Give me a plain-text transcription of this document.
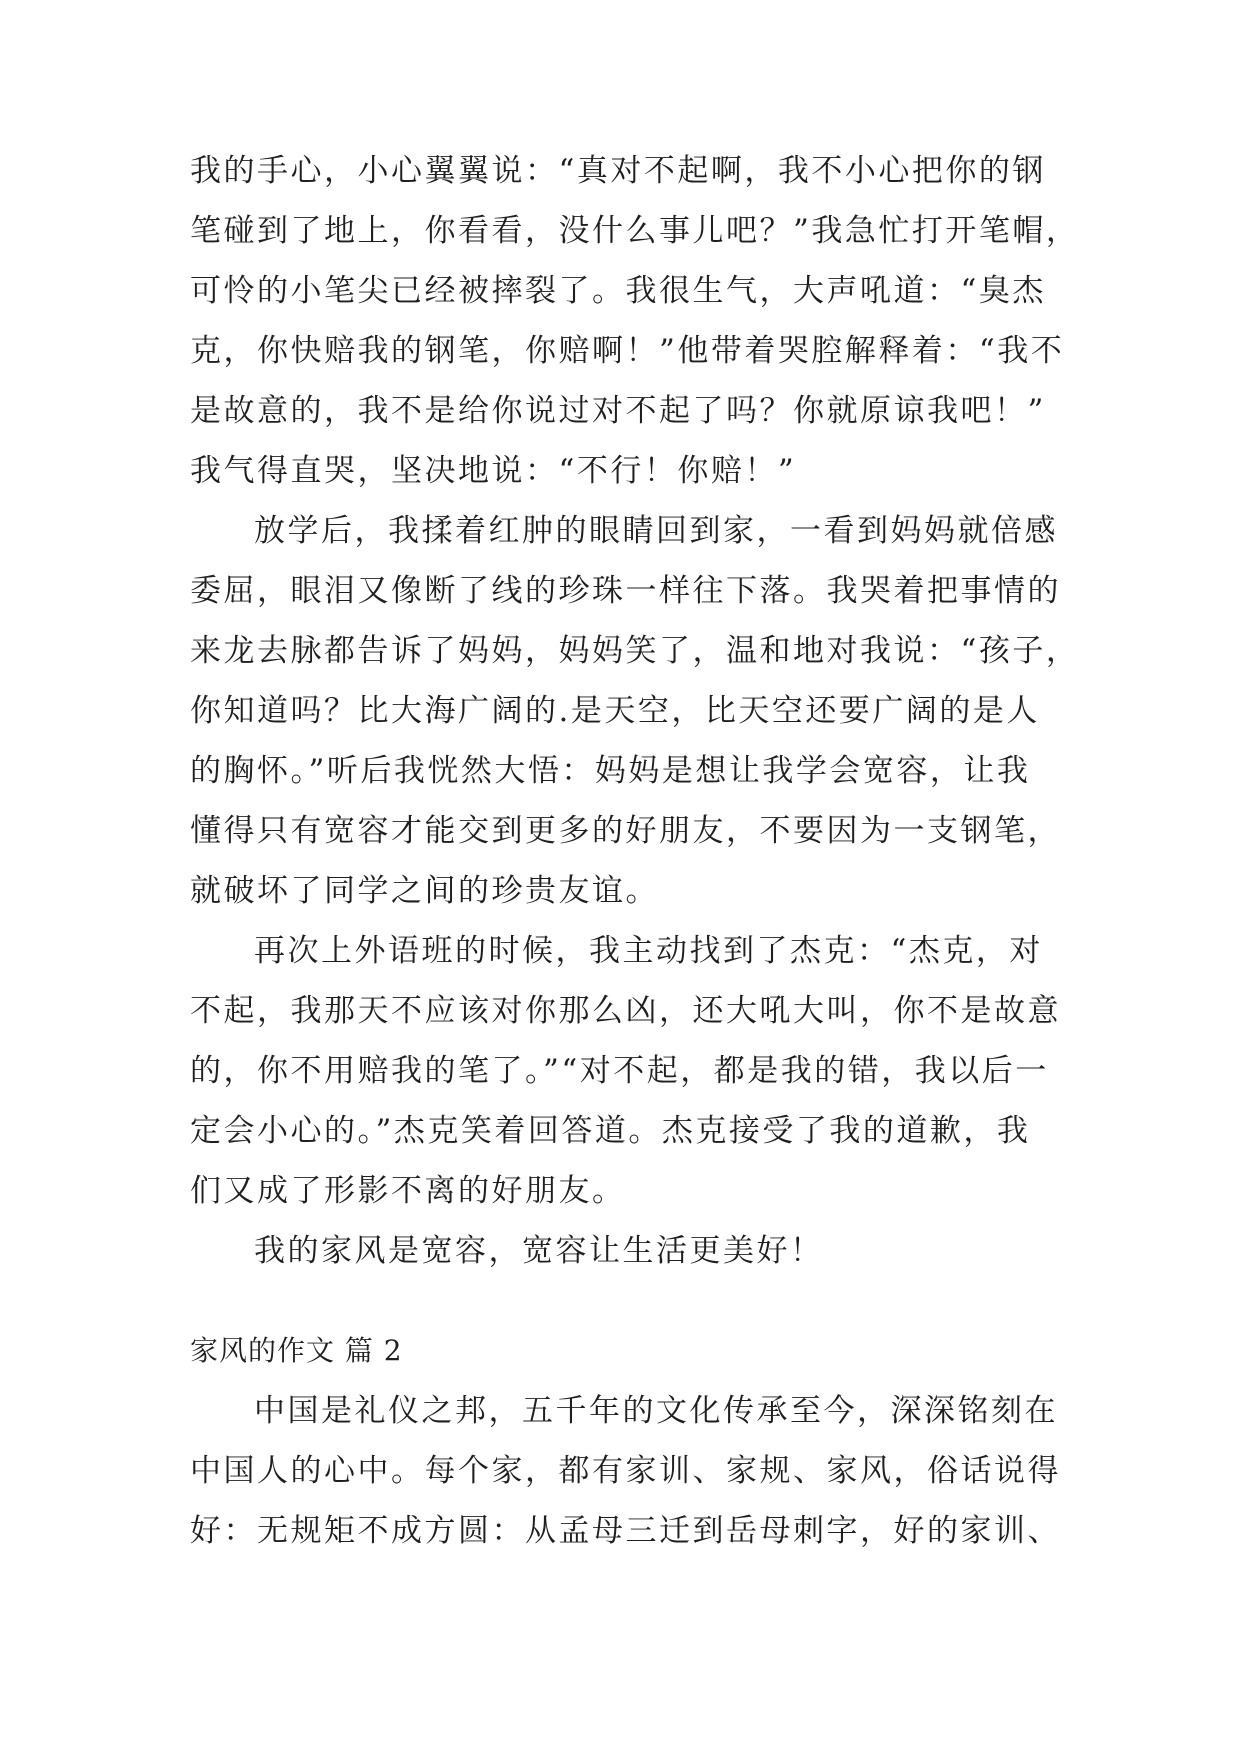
我的手心，小心翼翼说：“真对不起啊，我不小心把你的钢
笔碰到了地上，你看看，没什么事儿吧？”我急忙打开笔帽，
可怜的小笔尖已经被摔裂了。我很生气，大声吼道：“臭杰
克，你快赔我的钢笔，你赔啊！”他带着哭腔解释着：“我不
是故意的，我不是给你说过对不起了吗？你就原谅我吧！”
我气得直哭，坚决地说：“不行！你赔！”
放学后，我揉着红肿的眼睛回到家，一看到妈妈就倍感
委屈，眼泪又像断了线的珍珠一样往下落。我哭着把事情的
来龙去脉都告诉了妈妈，妈妈笑了，温和地对我说：“孩子，
你知道吗？比大海广阔的.是天空，比天空还要广阔的是人
的胸怀。”听后我恍然大悟：妈妈是想让我学会宽容，让我
懂得只有宽容才能交到更多的好朋友，不要因为一支钢笔，
就破坏了同学之间的珍贵友谊。
再次上外语班的时候，我主动找到了杰克：“杰克，对
不起，我那天不应该对你那么凶，还大吼大叫，你不是故意
的，你不用赔我的笔了。”“对不起，都是我的错，我以后一
定会小心的。”杰克笑着回答道。杰克接受了我的道歉，我
们又成了形影不离的好朋友。
我的家风是宽容，宽容让生活更美好！
家风的作文 篇 2
中国是礼仪之邦，五千年的文化传承至今，深深铭刻在
中国人的心中。每个家，都有家训、家规、家风，俗话说得
好：无规矩不成方圆：从孟母三迁到岳母刺字，好的家训、
